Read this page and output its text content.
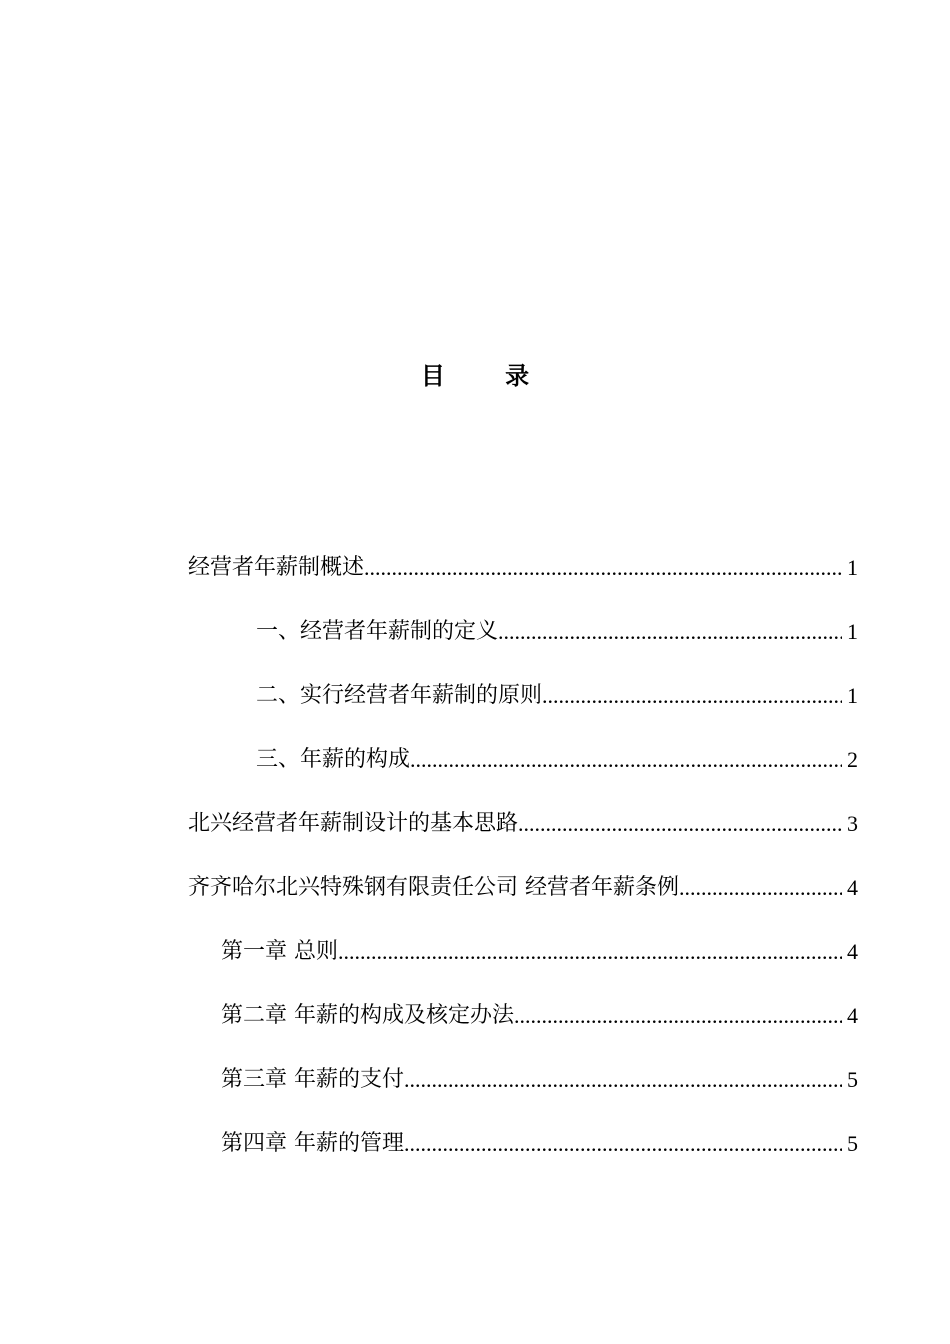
目 录
经营者年薪制概述 .....	1
一、经营者年薪制的定义 .....	1
二、实行经营者年薪制的原则 .....	1
三、年薪的构成 .....	2
北兴经营者年薪制设计的基本思路 .....	3
齐齐哈尔北兴特殊钢有限责任公司 经营者年薪条例 .....	4
第一章 总则 .....	4
第二章 年薪的构成及核定办法 .....	4
第三章 年薪的支付 .....	5
第四章 年薪的管理 .....	5
